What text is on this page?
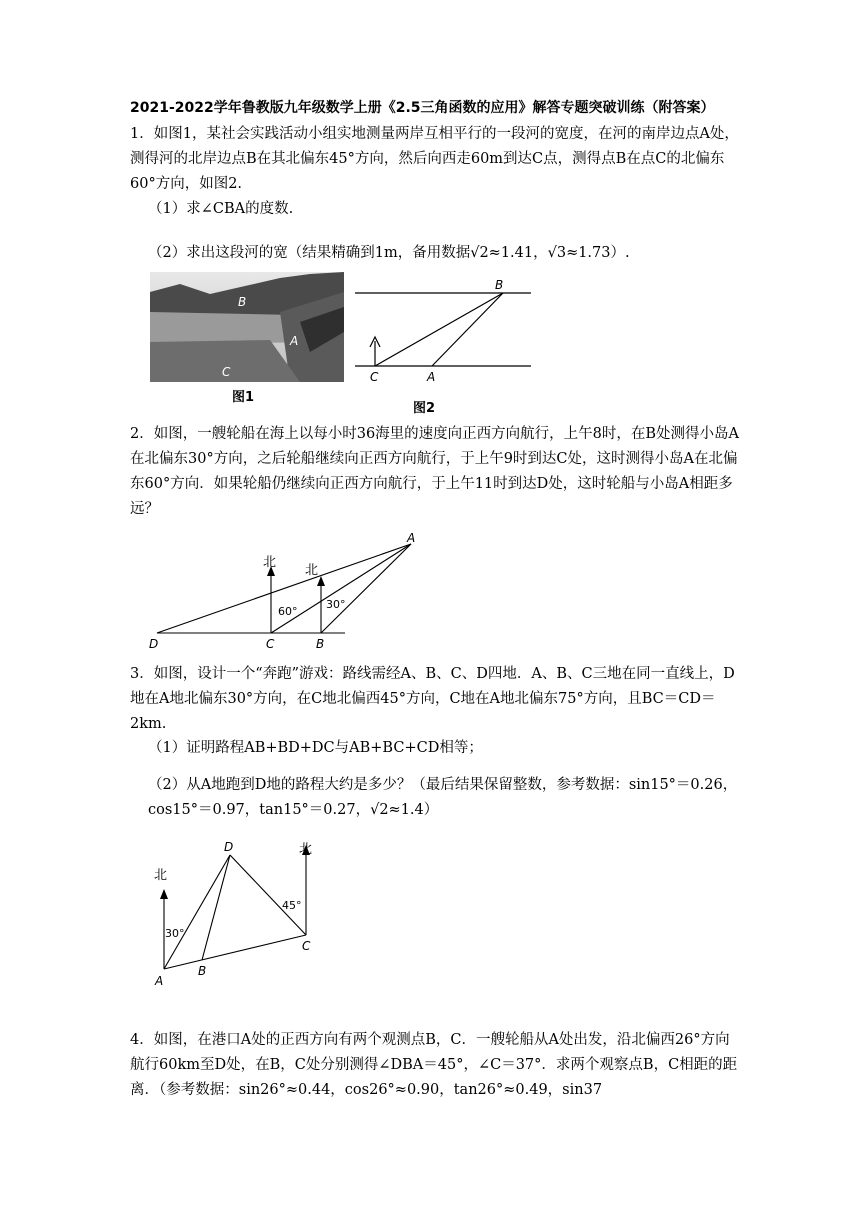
2021-2022学年鲁教版九年级数学上册《2.5三角函数的应用》解答专题突破训练（附答案）
1．如图1，某社会实践活动小组实地测量两岸互相平行的一段河的宽度，在河的南岸边点A处，测得河的北岸边点B在其北偏东45°方向，然后向西走60m到达C点，测得点B在点C的北偏东60°方向，如图2.
（1）求∠CBA的度数.
（2）求出这段河的宽（结果精确到1m，备用数据√2≈1.41，√3≈1.73）.
B
A
C
图1
B
C	A
图2
2．如图，一艘轮船在海上以每小时36海里的速度向正西方向航行，上午8时，在B处测得小岛A在北偏东30°方向，之后轮船继续向正西方向航行，于上午9时到达C处，这时测得小岛A在北偏东60°方向．如果轮船仍继续向正西方向航行，于上午11时到达D处，这时轮船与小岛A相距多远？
北
北
A
D	C	B
60°
30°
3．如图，设计一个“奔跑”游戏：路线需经A、B、C、D四地．A、B、C三地在同一直线上，D地在A地北偏东30°方向，在C地北偏西45°方向，C地在A地北偏东75°方向，且BC＝CD＝2km.
（1）证明路程AB+BD+DC与AB+BC+CD相等；
（2）从A地跑到D地的路程大约是多少？（最后结果保留整数，参考数据：sin15°＝0.26，cos15°＝0.97，tan15°＝0.27，√2≈1.4）
北
北
D
A
B
C
30°
45°
4．如图，在港口A处的正西方向有两个观测点B，C．一艘轮船从A处出发，沿北偏西26°方向航行60km至D处，在B，C处分别测得∠DBA＝45°，∠C＝37°．求两个观察点B，C相距的距离．（参考数据：sin26°≈0.44，cos26°≈0.90，tan26°≈0.49，sin37
